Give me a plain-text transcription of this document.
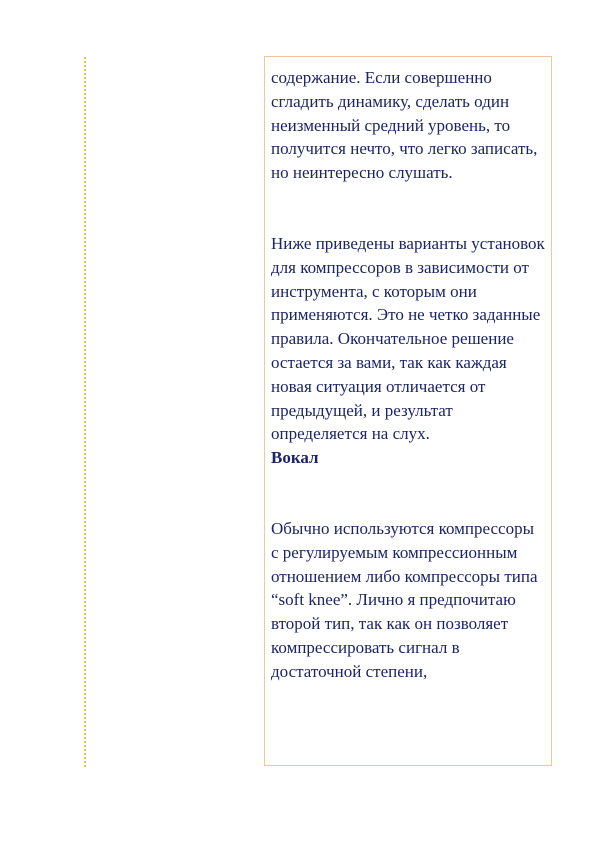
содержание. Если совершенно сгладить динамику, сделать один неизменный средний уровень, то получится нечто, что легко записать, но неинтересно слушать.

Ниже приведены варианты установок для компрессоров в зависимости от инструмента, с которым они применяются. Это не четко заданные правила. Окончательное решение остается за вами, так как каждая новая ситуация отличается от предыдущей, и результат определяется на слух.

Вокал

Обычно используются компрессоры с регулируемым компрессионным отношением либо компрессоры типа “soft knee”. Лично я предпочитаю второй тип, так как он позволяет компрессировать сигнал в достаточной степени,
